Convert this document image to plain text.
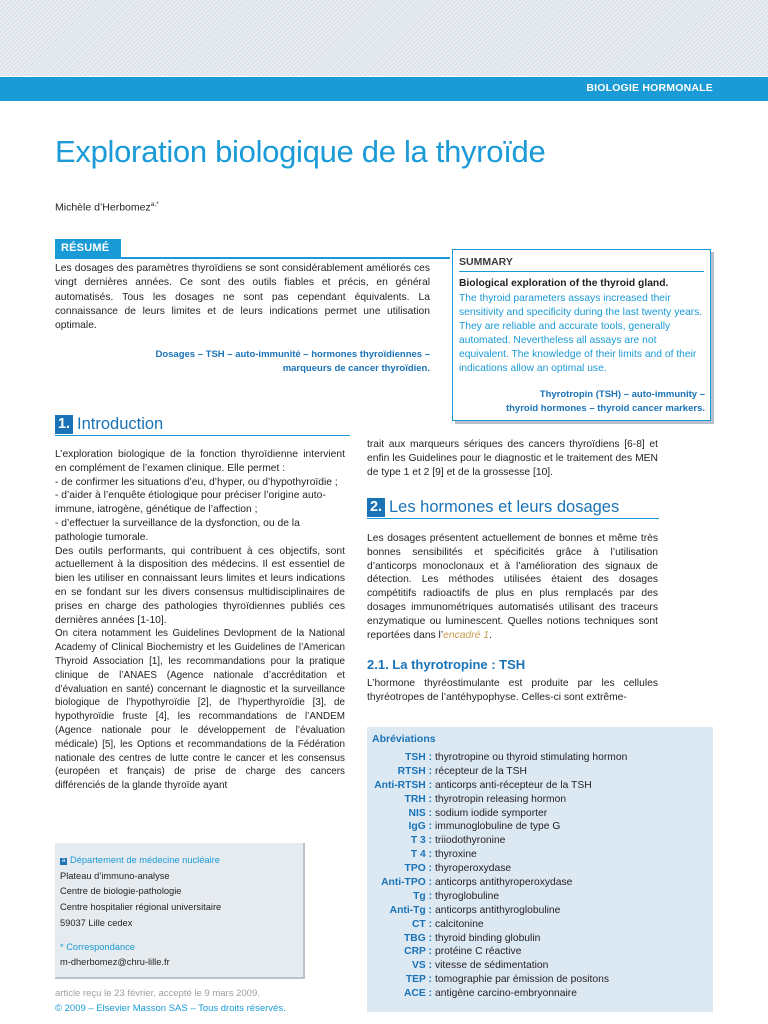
BIOLOGIE HORMONALE
Exploration biologique de la thyroïde
Michèle d’Herbomez$^{a,*}$
RÉSUMÉ

Les dosages des paramètres thyroïdiens se sont considérablement améliorés ces vingt dernières années. Ce sont des outils fiables et précis, en général automatisés. Tous les dosages ne sont pas cependant équivalents. La connaissance de leurs limites et de leurs indications permet une utilisation optimale.

Dosages – TSH – auto-immunité – hormones thyroïdiennes –
marqueurs de cancer thyroïdien.

SUMMARY
Biological exploration of the thyroid gland.

The thyroid parameters assays increased their sensitivity and specificity during the last twenty years. They are reliable and accurate tools, generally automated. Nevertheless all assays are not equivalent. The knowledge of their limits and of their indications allow an optimal use.

Thyrotropin (TSH) – auto-immunity –
thyroid hormones – thyroid cancer markers.

1. Introduction
L’exploration biologique de la fonction thyroïdienne intervient en complément de l’examen clinique. Elle permet :
- de confirmer les situations d’eu, d’hyper, ou d’hypothyroïdie ;
- d’aider à l’enquête étiologique pour préciser l’origine auto-immune, iatrogène, génétique de l’affection ;
- d’effectuer la surveillance de la dysfonction, ou de la pathologie tumorale.
Des outils performants, qui contribuent à ces objectifs, sont actuellement à la disposition des médecins. Il est essentiel de bien les utiliser en connaissant leurs limites et leurs indications en se fondant sur les divers consensus multidisciplinaires de prises en charge des pathologies thyroïdiennes publiés ces dernières années [1-10].
On citera notamment les Guidelines Devlopment de la National Academy of Clinical Biochemistry et les Guidelines de l’American Thyroid Association [1], les recommandations pour la pratique clinique de l’ANAES (Agence nationale d’accréditation et d’évaluation en santé) concernant le diagnostic et la surveillance biologique de l’hypothyroïdie [2], de l’hyperthyroïdie [3], de hypothyroïdie fruste [4], les recommandations de l’ANDEM (Agence nationale pour le développement de l’évaluation médicale) [5], les Options et recommandations de la Fédération nationale des centres de lutte contre le cancer et les consensus (européen et français) de prise de charge des cancers différenciés de la glande thyroïde ayant

trait aux marqueurs sériques des cancers thyroïdiens [6-8] et enfin les Guidelines pour le diagnostic et le traitement des MEN de type 1 et 2 [9] et de la grossesse [10].

2. Les hormones et leurs dosages

Les dosages présentent actuellement de bonnes et même très bonnes sensibilités et spécificités grâce à l’utilisation d’anticorps monoclonaux et à l’amélioration des signaux de détection. Les méthodes utilisées étaient des dosages compétitifs radioactifs de plus en plus remplacés par des dosages immunométriques automatisés utilisant des traceurs enzymatique ou luminescent. Quelles notions techniques sont reportées dans l’encadré 1.

2.1. La thyrotropine : TSH

L’hormone thyréostimulante est produite par les cellules thyréotropes de l’antéhypophyse. Celles-ci sont extrême-

a Département de médecine nucléaire
Plateau d’immuno-analyse
Centre de biologie-pathologie
Centre hospitalier régional universitaire
59037 Lille cedex
* Correspondance
m-dherbomez@chru-lille.fr
article reçu le 23 février, accepté le 9 mars 2009.
© 2009 – Elsevier Masson SAS – Tous droits réservés.
Abréviations
TSH : thyrotropine ou thyroid stimulating hormon
RTSH : récepteur de la TSH
Anti-RTSH : anticorps anti-récepteur de la TSH
TRH : thyrotropin releasing hormon
NIS : sodium iodide symporter
IgG : immunoglobuline de type G
T 3 : triiodothyronine
T 4 : thyroxine
TPO : thyroperoxydase
Anti-TPO : anticorps antithyroperoxydase
Tg : thyroglobuline
Anti-Tg : anticorps antithyroglobuline
CT : calcitonine
TBG : thyroid binding globulin
CRP : protéine C réactive
VS : vitesse de sédimentation
TEP : tomographie par émission de positons
ACE : antigène carcino-embryonnaire
